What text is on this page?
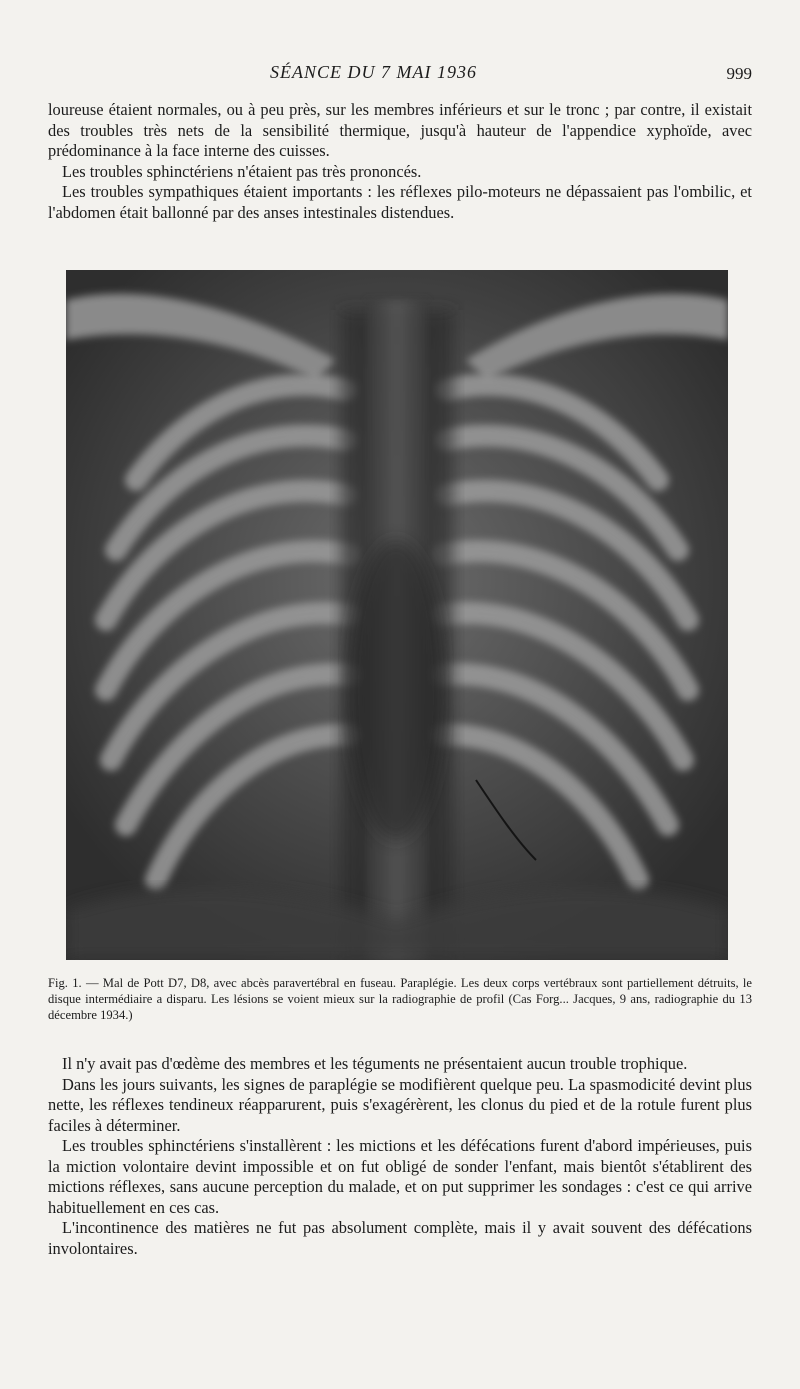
SÉANCE DU 7 MAI 1936	999

loureuse étaient normales, ou à peu près, sur les membres inférieurs et sur le tronc ; par contre, il existait des troubles très nets de la sensibilité thermique, jusqu'à hauteur de l'appendice xyphoïde, avec prédominance à la face interne des cuisses.

Les troubles sphinctériens n'étaient pas très prononcés.

Les troubles sympathiques étaient importants : les réflexes pilo-moteurs ne dépassaient pas l'ombilic, et l'abdomen était ballonné par des anses intestinales distendues.

Fig. 1. — Mal de Pott D7, D8, avec abcès paravertébral en fuseau. Paraplégie. Les deux corps vertébraux sont partiellement détruits, le disque intermédiaire a disparu. Les lésions se voient mieux sur la radiographie de profil (Cas Forg... Jacques, 9 ans, radiographie du 13 décembre 1934.)

Il n'y avait pas d'œdème des membres et les téguments ne présentaient aucun trouble trophique.

Dans les jours suivants, les signes de paraplégie se modifièrent quelque peu. La spasmodicité devint plus nette, les réflexes tendineux réapparurent, puis s'exagérèrent, les clonus du pied et de la rotule furent plus faciles à déterminer.

Les troubles sphinctériens s'installèrent : les mictions et les défécations furent d'abord impérieuses, puis la miction volontaire devint impossible et on fut obligé de sonder l'enfant, mais bientôt s'établirent des mictions réflexes, sans aucune perception du malade, et on put supprimer les sondages : c'est ce qui arrive habituellement en ces cas.

L'incontinence des matières ne fut pas absolument complète, mais il y avait souvent des défécations involontaires.
